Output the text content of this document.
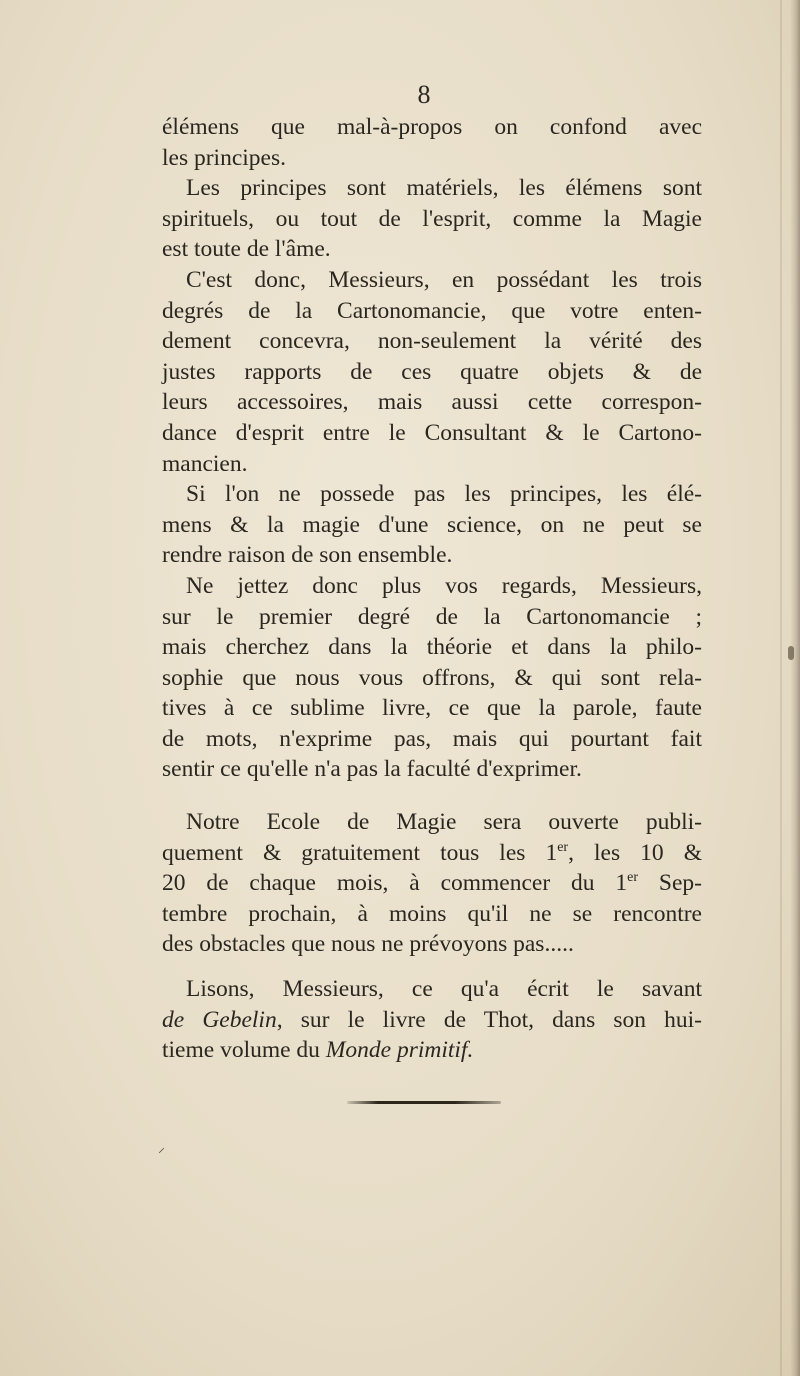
8
élémens que mal-à-propos on confond avec
les principes.
Les principes sont matériels, les élémens sont
spirituels, ou tout de l'esprit, comme la Magie
est toute de l'âme.
C'est donc, Messieurs, en possédant les trois
degrés de la Cartonomancie, que votre enten-
dement concevra, non-seulement la vérité des
justes rapports de ces quatre objets & de
leurs accessoires, mais aussi cette correspon-
dance d'esprit entre le Consultant & le Cartono-
mancien.
Si l'on ne possede pas les principes, les élé-
mens & la magie d'une science, on ne peut se
rendre raison de son ensemble.
Ne jettez donc plus vos regards, Messieurs,
sur le premier degré de la Cartonomancie ;
mais cherchez dans la théorie et dans la philo-
sophie que nous vous offrons, & qui sont rela-
tives à ce sublime livre, ce que la parole, faute
de mots, n'exprime pas, mais qui pourtant fait
sentir ce qu'elle n'a pas la faculté d'exprimer.
Notre Ecole de Magie sera ouverte publi-
quement & gratuitement tous les 1er, les 10 &
20 de chaque mois, à commencer du 1er Sep-
tembre prochain, à moins qu'il ne se rencontre
des obstacles que nous ne prévoyons pas.....
Lisons, Messieurs, ce qu'a écrit le savant
de Gebelin, sur le livre de Thot, dans son hui-
tieme volume du Monde primitif.
⸝
